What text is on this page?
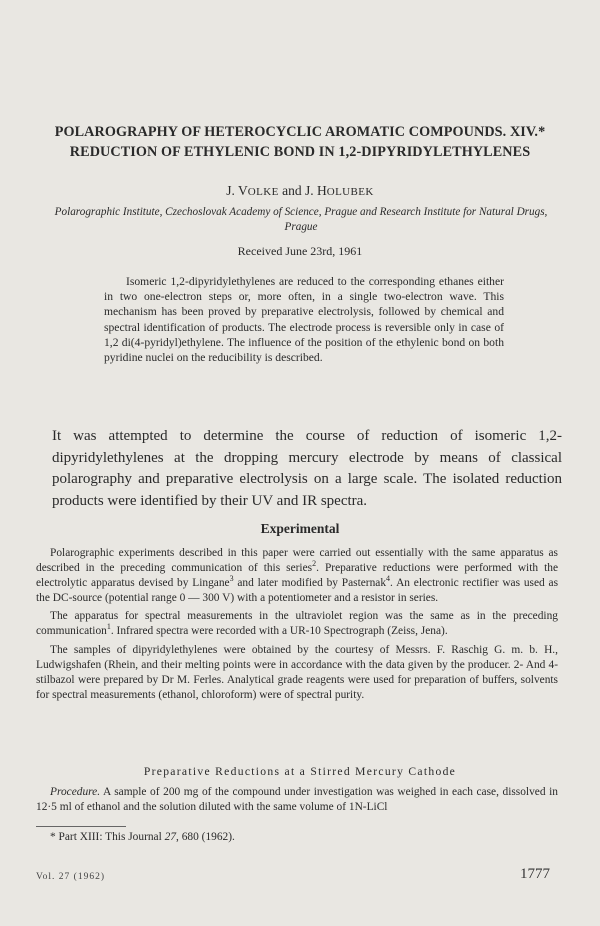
POLAROGRAPHY OF HETEROCYCLIC AROMATIC COMPOUNDS. XIV.*
REDUCTION OF ETHYLENIC BOND IN 1,2-DIPYRIDYLETHYLENES
J. VOLKE and J. HOLUBEK
Polarographic Institute, Czechoslovak Academy of Science, Prague and Research Institute for Natural Drugs, Prague
Received June 23rd, 1961
Isomeric 1,2-dipyridylethylenes are reduced to the corresponding ethanes either in two one-electron steps or, more often, in a single two-electron wave. This mechanism has been proved by preparative electrolysis, followed by chemical and spectral identification of products. The electrode process is reversible only in case of 1,2 di(4-pyridyl)ethylene. The influence of the position of the ethylenic bond on both pyridine nuclei on the reducibility is described.

It was attempted to determine the course of reduction of isomeric 1,2-dipyridylethylenes at the dropping mercury electrode by means of classical polarography and preparative electrolysis on a large scale. The isolated reduction products were identified by their UV and IR spectra.

Experimental

Polarographic experiments described in this paper were carried out essentially with the same apparatus as described in the preceding communication of this series$^2$. Preparative reductions were performed with the electrolytic apparatus devised by Lingane$^3$ and later modified by Pasternak$^4$. An electronic rectifier was used as the DC-source (potential range 0 — 300 V) with a potentiometer and a resistor in series.

The apparatus for spectral measurements in the ultraviolet region was the same as in the preceding communication$^1$. Infrared spectra were recorded with a UR-10 Spectrograph (Zeiss, Jena).

The samples of dipyridylethylenes were obtained by the courtesy of Messrs. F. Raschig G. m. b. H., Ludwigshafen (Rhein, and their melting points were in accordance with the data given by the producer. 2- And 4-stilbazol were prepared by Dr M. Ferles. Analytical grade reagents were used for preparation of buffers, solvents for spectral measurements (ethanol, chloroform) were of spectral purity.

Preparative Reductions at a Stirred Mercury Cathode

Procedure. A sample of 200 mg of the compound under investigation was weighed in each case, dissolved in 12·5 ml of ethanol and the solution diluted with the same volume of 1N-LiCl

* Part XIII: This Journal 27, 680 (1962).
Vol. 27 (1962)	1777
